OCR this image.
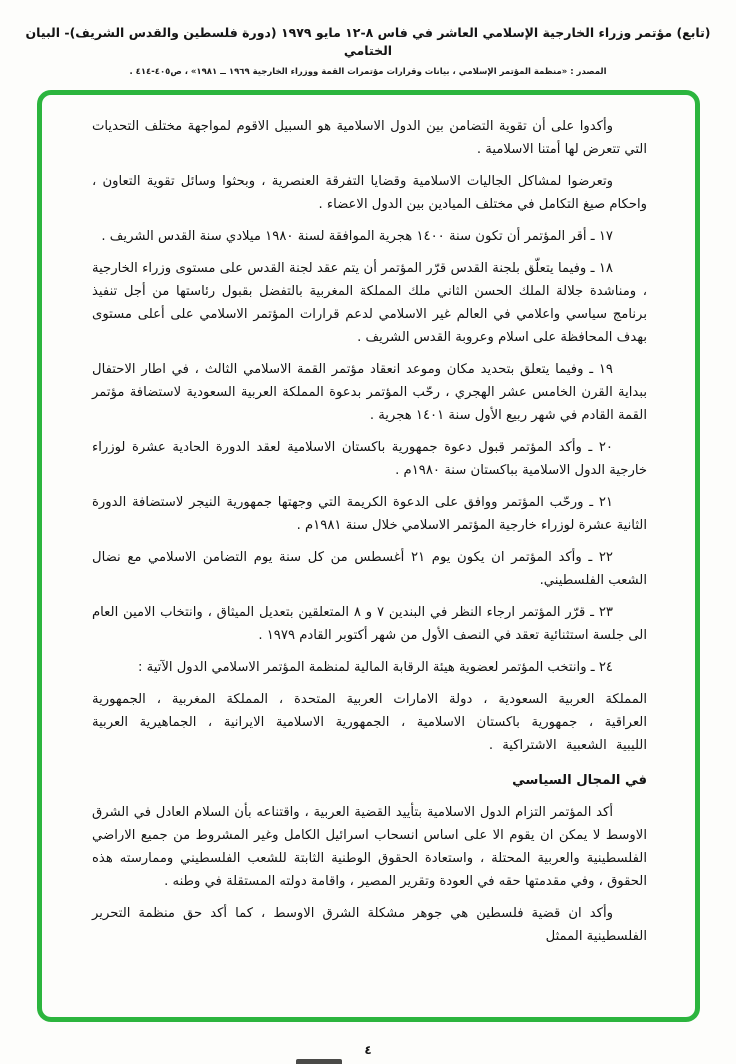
(تابع) مؤتمر وزراء الخارجية الإسلامي العاشر في فاس ٨-١٢ مايو ١٩٧٩ (دورة فلسطين والقدس الشريف)- البيان الختامي
المصدر : «منظمة المؤتمر الإسلامي ، بيانات وقرارات مؤتمرات القمة ووزراء الخارجية ١٩٦٩ ــ ١٩٨١» ، ص٤٠٥-٤١٤ .

وأكدوا على أن تقوية التضامن بين الدول الاسلامية هو السبيل الاقوم لمواجهة مختلف التحديات التي تتعرض لها أمتنا الاسلامية .

وتعرضوا لمشاكل الجاليات الاسلامية وقضايا التفرقة العنصرية ، وبحثوا وسائل تقوية التعاون ، واحكام صيغ التكامل في مختلف الميادين بين الدول الاعضاء .

١٧ ـ أقر المؤتمر أن تكون سنة ١٤٠٠ هجرية الموافقة لسنة ١٩٨٠ ميلادي سنة القدس الشريف .

١٨ ـ وفيما يتعلّق بلجنة القدس قرّر المؤتمر أن يتم عقد لجنة القدس على مستوى وزراء الخارجية ، ومناشدة جلالة الملك الحسن الثاني ملك المملكة المغربية بالتفضل بقبول رئاستها من أجل تنفيذ برنامج سياسي واعلامي في العالم غير الاسلامي لدعم قرارات المؤتمر الاسلامي على أعلى مستوى بهدف المحافظة على اسلام وعروبة القدس الشريف .

١٩ ـ وفيما يتعلق بتحديد مكان وموعد انعقاد مؤتمر القمة الاسلامي الثالث ، في اطار الاحتفال ببداية القرن الخامس عشر الهجري ، رحّب المؤتمر بدعوة المملكة العربية السعودية لاستضافة مؤتمر القمة القادم في شهر ربيع الأول سنة ١٤٠١ هجرية .

٢٠ ـ وأكد المؤتمر قبول دعوة جمهورية باكستان الاسلامية لعقد الدورة الحادية عشرة لوزراء خارجية الدول الاسلامية بباكستان سنة ١٩٨٠م .

٢١ ـ ورحّب المؤتمر ووافق على الدعوة الكريمة التي وجهتها جمهورية النيجر لاستضافة الدورة الثانية عشرة لوزراء خارجية المؤتمر الاسلامي خلال سنة ١٩٨١م .

٢٢ ـ وأكد المؤتمر ان يكون يوم ٢١ أغسطس من كل سنة يوم التضامن الاسلامي مع نضال الشعب الفلسطيني.

٢٣ ـ قرّر المؤتمر ارجاء النظر في البندين ٧ و ٨ المتعلقين بتعديل الميثاق ، وانتخاب الامين العام الى جلسة استثنائية تعقد في النصف الأول من شهر أكتوبر القادم ١٩٧٩ .

٢٤ ـ وانتخب المؤتمر لعضوية هيئة الرقابة المالية لمنظمة المؤتمر الاسلامي الدول الآتية :

المملكة العربية السعودية ، دولة الامارات العربية المتحدة ، المملكة المغربية ، الجمهورية العراقية ، جمهورية باكستان الاسلامية ، الجمهورية الاسلامية الايرانية ، الجماهيرية العربية الليبية الشعبية الاشتراكية .

في المجال السياسي

أكد المؤتمر التزام الدول الاسلامية بتأييد القضية العربية ، واقتناعه بأن السلام العادل في الشرق الاوسط لا يمكن ان يقوم الا على اساس انسحاب اسرائيل الكامل وغير المشروط من جميع الاراضي الفلسطينية والعربية المحتلة ، واستعادة الحقوق الوطنية الثابتة للشعب الفلسطيني وممارسته هذه الحقوق ، وفي مقدمتها حقه في العودة وتقرير المصير ، واقامة دولته المستقلة في وطنه .

وأكد ان قضية فلسطين هي جوهر مشكلة الشرق الاوسط ، كما أكد حق منظمة التحرير الفلسطينية الممثل

٤
